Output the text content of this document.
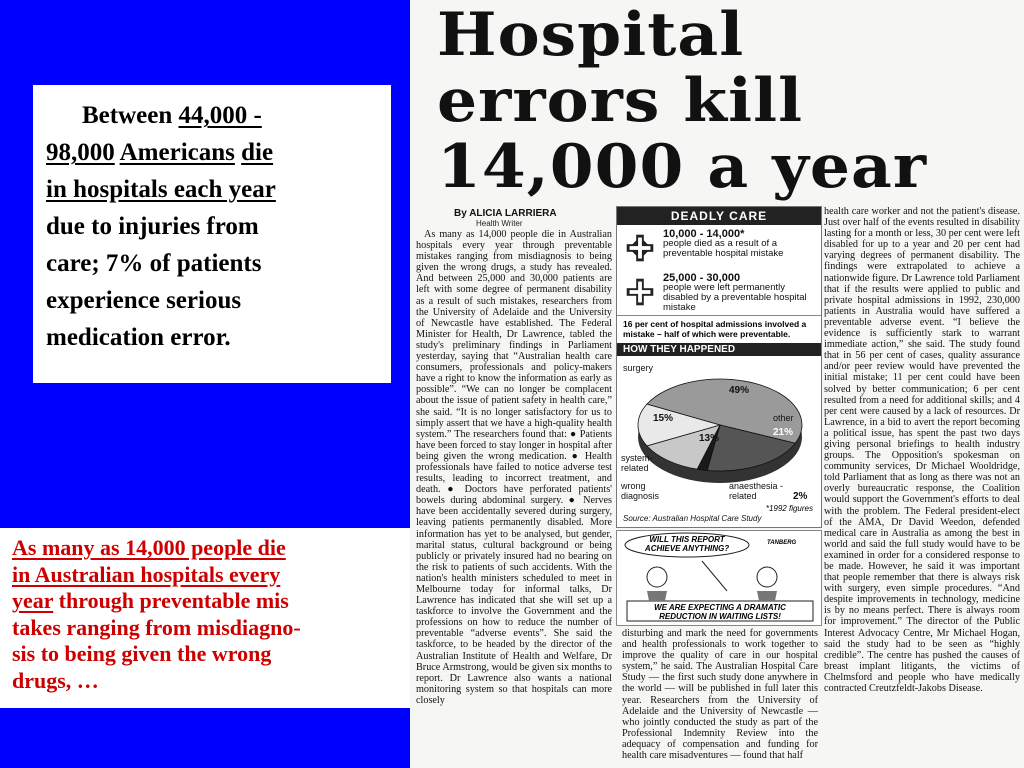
Between 44,000 -
98,000 Americans die
in hospitals each year
due to injuries from
care; 7% of patients
experience serious
medication error.
As many as 14,000 people die
in Australian hospitals every
year through preventable mis
takes ranging from misdiagno-
sis to being given the wrong
drugs, …
Hospital
errors kill
14,000 a year
By ALICIA LARRIERA
Health Writer

As many as 14,000 people die in Australian hospitals every year through preventable mistakes ranging from misdiagnosis to being given the wrong drugs, a study has revealed. And between 25,000 and 30,000 patients are left with some degree of permanent disability as a result of such mistakes, researchers from the University of Adelaide and the University of Newcastle have established. The Federal Minister for Health, Dr Lawrence, tabled the study's preliminary findings in Parliament yesterday, saying that “Australian health care consumers, professionals and policy-makers have a right to know the information as early as possible”. “We can no longer be complacent about the issue of patient safety in health care,” she said. “It is no longer satisfactory for us to simply assert that we have a high-quality health system.” The researchers found that: ● Patients have been forced to stay longer in hospital after being given the wrong medication. ● Health professionals have failed to notice adverse test results, leading to incorrect treatment, and death. ● Doctors have perforated patients' bowels during abdominal surgery. ● Nerves have been accidentally severed during surgery, leaving patients permanently disabled. More information has yet to be analysed, but gender, marital status, cultural background or being publicly or privately insured had no bearing on the risk to patients of such accidents. With the nation's health ministers scheduled to meet in Melbourne today for informal talks, Dr Lawrence has indicated that she will set up a taskforce to involve the Government and the professions on how to reduce the number of preventable “adverse events”. She said the taskforce, to be headed by the director of the Australian Institute of Health and Welfare, Dr Bruce Armstrong, would be given six months to report. Dr Lawrence also wants a national monitoring system so that hospitals can more closely

DEADLY CARE
10,000 - 14,000*
people died as a result of a preventable hospital mistake
25,000 - 30,000
people were left permanently disabled by a preventable hospital mistake
16 per cent of hospital admissions involved a mistake – half of which were preventable.
HOW THEY HAPPENED
surgery
49%
other
21%
15%
13%
system-related
wrong diagnosis
anaesthesia - related	2%
*1992 figures
Source: Australian Hospital Care Study
WILL THIS REPORT ACHIEVE ANYTHING?
TANBERG
WE ARE EXPECTING A DRAMATIC REDUCTION IN WAITING LISTS!

disturbing and mark the need for governments and health professionals to work together to improve the quality of care in our hospital system,” he said. The Australian Hospital Care Study — the first such study done anywhere in the world — will be published in full later this year. Researchers from the University of Adelaide and the University of Newcastle — who jointly conducted the study as part of the Professional Indemnity Review into the adequacy of compensation and funding for health care misadventures — found that half

health care worker and not the patient's disease. Just over half of the events resulted in disability lasting for a month or less, 30 per cent were left disabled for up to a year and 20 per cent had varying degrees of permanent disability. The findings were extrapolated to achieve a nationwide figure. Dr Lawrence told Parliament that if the results were applied to public and private hospital admissions in 1992, 230,000 patients in Australia would have suffered a preventable adverse event. “I believe the evidence is sufficiently stark to warrant immediate action,” she said. The study found that in 56 per cent of cases, quality assurance and/or peer review would have prevented the initial mistake; 11 per cent could have been solved by better communication; 6 per cent resulted from a need for additional skills; and 4 per cent were caused by a lack of resources. Dr Lawrence, in a bid to avert the report becoming a political issue, has spent the past two days giving personal briefings to health industry groups. The Opposition's spokesman on community services, Dr Michael Wooldridge, told Parliament that as long as there was not an overly bureaucratic response, the Coalition would support the Government's efforts to deal with the problem. The Federal president-elect of the AMA, Dr David Weedon, defended medical care in Australia as among the best in world and said the full study would have to be examined in order for a considered response to be made. However, he said it was important that people remember that there is always risk with surgery, even simple procedures. “And despite improvements in technology, medicine is by no means perfect. There is always room for improvement.” The director of the Public Interest Advocacy Centre, Mr Michael Hogan, said the study had to be seen as “highly credible”. The centre has pushed the causes of breast implant litigants, the victims of Chelmsford and people who have medically contracted Creutzfeldt-Jakobs Disease.
